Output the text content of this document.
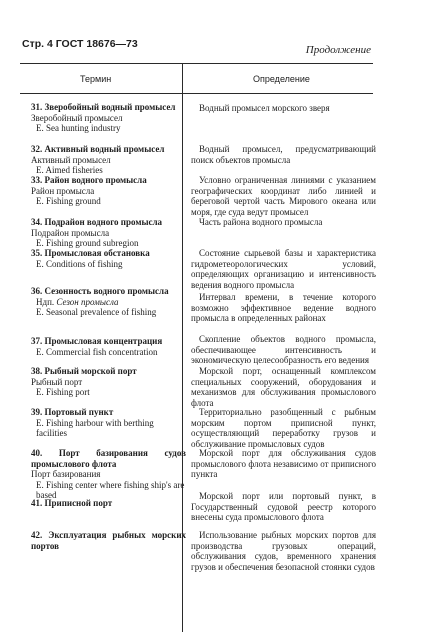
Стр. 4 ГОСТ 18676—73	Продолжение
Термин	Определение
31. Зверобойный водный промысел
Зверобойный промысел
E. Sea hunting industry
32. Активный водный промысел
Активный промысел
E. Aimed fisheries
33. Район водного промысла
Район промысла
E. Fishing ground
34. Подрайон водного промысла
Подрайон промысла
E. Fishing ground subregion
35. Промысловая обстановка
E. Conditions of fishing
36. Сезонность водного промысла
Ндп. Сезон промысла
E. Seasonal prevalence of fishing
37. Промысловая концентрация
E. Commercial fish concentration
38. Рыбный морской порт
Рыбный порт
E. Fishing port
39. Портовый пункт
E. Fishing harbour with berthing facilities
40. Порт базирования судов промыслового флота
Порт базирования
E. Fishing center where fishing ship's are based
41. Приписной порт
42. Эксплуатация рыбных морских портов
Водный промысел морского зверя
Водный промысел, предусматривающий поиск объектов промысла
Условно ограниченная линиями с указанием географических координат либо линией и береговой чертой часть Мирового океана или моря, где суда ведут промысел
Часть района водного промысла
Состояние сырьевой базы и характеристика гидрометеорологических условий, определяющих организацию и интенсивность ведения водного промысла
Интервал времени, в течение которого возможно эффективное ведение водного промысла в определенных районах
Скопление объектов водного промысла, обеспечивающее интенсивность и экономическую целесообразность его ведения
Морской порт, оснащенный комплексом специальных сооружений, оборудования и механизмов для обслуживания промыслового флота
Территориально разобщенный с рыбным морским портом приписной пункт, осуществляющий переработку грузов и обслуживание промысловых судов
Морской порт для обслуживания судов промыслового флота независимо от приписного пункта
Морской порт или портовый пункт, в Государственный судовой реестр которого внесены суда промыслового флота
Использование рыбных морских портов для производства грузовых операций, обслуживания судов, временного хранения грузов и обеспечения безопасной стоянки судов
